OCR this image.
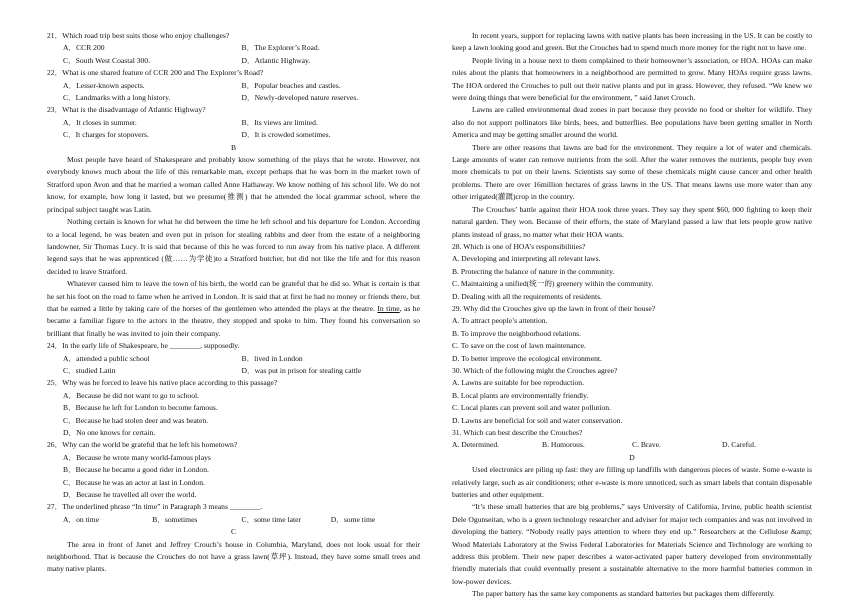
21．Which road trip best suits those who enjoy challenges?

A．CCR 200	B．The Explorer’s Road.
C．South West Coastal 300.	D．Atlantic Highway.

22．What is one shared feature of CCR 200 and The Explorer’s Road?

A．Lesser-known aspects.	B．Popular beaches and castles.
C．Landmarks with a long history.	D．Newly-developed nature reserves.

23．What is the disadvantage of Atlantic Highway?

A．It closes in summer.	B．Its views are limited.
C．It charges for stopovers.	D．It is crowded sometimes.

B

Most people have heard of Shakespeare and probably know something of the plays that he wrote. However, not everybody knows much about the life of this remarkable man, except perhaps that he was born in the market town of Stratford upon Avon and that he married a woman called Anne Hathaway. We know nothing of his school life. We do not know, for example, how long it lasted, but we presume(推测) that he attended the local grammar school, where the principal subject taught was Latin.

Nothing certain is known for what he did between the time he left school and his departure for London. According to a local legend, he was beaten and even put in prison for stealing rabbits and deer from the estate of a neighboring landowner, Sir Thomas Lucy. It is said that because of this he was forced to run away from his native place. A different legend says that he was apprenticed (做……为学徒)to a Stratford butcher, but did not like the life and for this reason decided to leave Stratford.

Whatever caused him to leave the town of his birth, the world can be grateful that he did so. What is certain is that he set his foot on the road to fame when he arrived in London. It is said that at first he had no money or friends there, but that he earned a little by taking care of the horses of the gentlemen who attended the plays at the theatre. In time, as he became a familiar figure to the actors in the theatre, they stopped and spoke to him. They found his conversation so brilliant that finally he was invited to join their company.

24．In the early life of Shakespeare, he ________, supposedly.

A．attended a public school	B．lived in London
C．studied Latin	D．was put in prison for stealing cattle

25．Why was he forced to leave his native place according to this passage?

A．Because he did not want to go to school.

B．Because he left for London to become famous.

C．Because he had stolen deer and was beaten.

D．No one knows for certain.

26．Why can the world be grateful that he left his hometown?

A．Because he wrote many world-famous plays

B．Because he became a good rider in London.

C．Because he was an actor at last in London.

D．Because he travelled all over the world.

27．The underlined phrase “In time” in Paragraph 3 means ________.

A．on time	B．sometimes	C．some time later	D．some time

C

The area in front of Janet and Jeffrey Crouch’s house in Columbia, Maryland, does not look usual for their neighborhood. That is because the Crouches do not have a grass lawn(草坪). Instead, they have some small trees and many native plants.

In recent years, support for replacing lawns with native plants has been increasing in the US. It can be costly to keep a lawn looking good and green. But the Crouches had to spend much more money for the right not to have one.

People living in a house next to them complained to their homeowner’s association, or HOA. HOAs can make rules about the plants that homeowners in a neighborhood are permitted to grow. Many HOAs require grass lawns. The HOA ordered the Crouches to pull out their native plants and put in grass. However, they refused. “We knew we were doing things that were beneficial for the environment, ” said Janet Crouch.

Lawns are called environmental dead zones in part because they provide no food or shelter for wildlife. They also do not support pollinators like birds, bees, and butterflies. Bee populations have been getting smaller in North America and may be getting smaller around the world.

There are other reasons that lawns are bad for the environment. They require a lot of water and chemicals. Large amounts of water can remove nutrients from the soil. After the water removes the nutrients, people buy even more chemicals to put on their lawns. Scientists say some of these chemicals might cause cancer and other health problems. There are over 16million hectares of grass lawns in the US. That means lawns use more water than any other irrigated(灌溉)crop in the country.

The Crouches’ battle against their HOA took three years. They say they spent $60, 000 fighting to keep their natural garden. They won. Because of their efforts, the state of Maryland passed a law that lets people grow native plants instead of grass, no matter what their HOA wants.

28. Which is one of HOA’s responsibilities?

A. Developing and interpreting all relevant laws.

B. Protecting the balance of nature in the community.

C. Maintaining a unified(统一的) greenery within the community.

D. Dealing with all the requirements of residents.

29. Why did the Crouches give up the lawn in front of their house?

A. To attract people’s attention.

B. To improve the neighborhood relations.

C. To save on the cost of lawn maintenance.

D. To better improve the ecological environment.

30. Which of the following might the Crouches agree?

A. Lawns are suitable for bee reproduction.

B. Local plants are environmentally friendly.

C. Local plants can prevent soil and water pollution.

D. Lawns are beneficial for soil and water conservation.

31. Which can best describe the Crouches?

A. Determined.	B. Humorous.	C. Brave.	D. Careful.

D

Used electronics are piling up fast: they are filling up landfills with dangerous pieces of waste. Some e-waste is relatively large, such as air conditioners; other e-waste is more unnoticed, such as smart labels that contain disposable batteries and other equipment.

“It’s these small batteries that are big problems,” says University of California, Irvine, public health scientist Dele Ogunseitan, who is a green technology researcher and adviser for major tech companies and was not involved in developing the battery. “Nobody really pays attention to where they end up.” Researchers at the Cellulose &amp; Wood Materials Laboratory at the Swiss Federal Laboratories for Materials Science and Technology are working to address this problem. Their new paper describes a water-activated paper battery developed from environmentally friendly materials that could eventually present a sustainable alternative to the more harmful batteries common in low-power devices.

The paper battery has the same key components as standard batteries but packages them differently.
